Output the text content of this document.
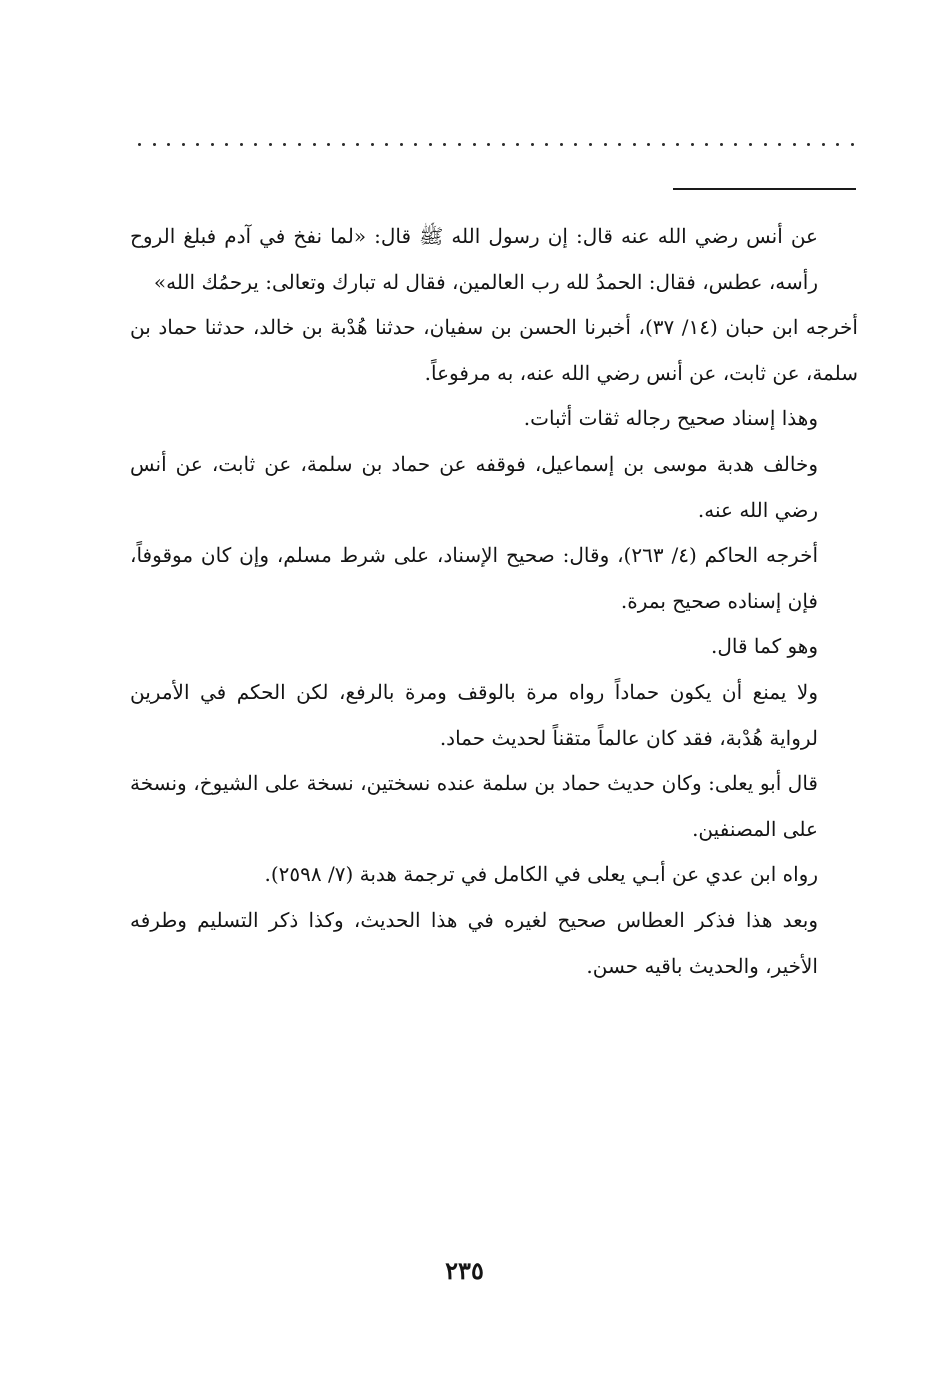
عن أنس رضي الله عنه قال: إن رسول الله ﷺ قال: «لما نفخ في آدم فبلغ الروح رأسه، عطس، فقال: الحمدُ لله رب العالمين، فقال له تبارك وتعالى: يرحمُك الله»

أخرجه ابن حبان (١٤/ ٣٧)، أخبرنا الحسن بن سفيان، حدثنا هُدْبة بن خالد، حدثنا حماد بن سلمة، عن ثابت، عن أنس رضي الله عنه، به مرفوعاً.

وهذا إسناد صحيح رجاله ثقات أثبات.

وخالف هدبة موسى بن إسماعيل، فوقفه عن حماد بن سلمة، عن ثابت، عن أنس رضي الله عنه.

أخرجه الحاكم (٤/ ٢٦٣)، وقال: صحيح الإسناد، على شرط مسلم، وإن كان موقوفاً، فإن إسناده صحيح بمرة.

وهو كما قال.

ولا يمنع أن يكون حماداً رواه مرة بالوقف ومرة بالرفع، لكن الحكم في الأمرين لرواية هُدْبة، فقد كان عالماً متقناً لحديث حماد.

قال أبو يعلى: وكان حديث حماد بن سلمة عنده نسختين، نسخة على الشيوخ، ونسخة على المصنفين.

رواه ابن عدي عن أبـي يعلى في الكامل في ترجمة هدبة (٧/ ٢٥٩٨).

وبعد هذا فذكر العطاس صحيح لغيره في هذا الحديث، وكذا ذكر التسليم وطرفه الأخير، والحديث باقيه حسن.

٢٣٥
